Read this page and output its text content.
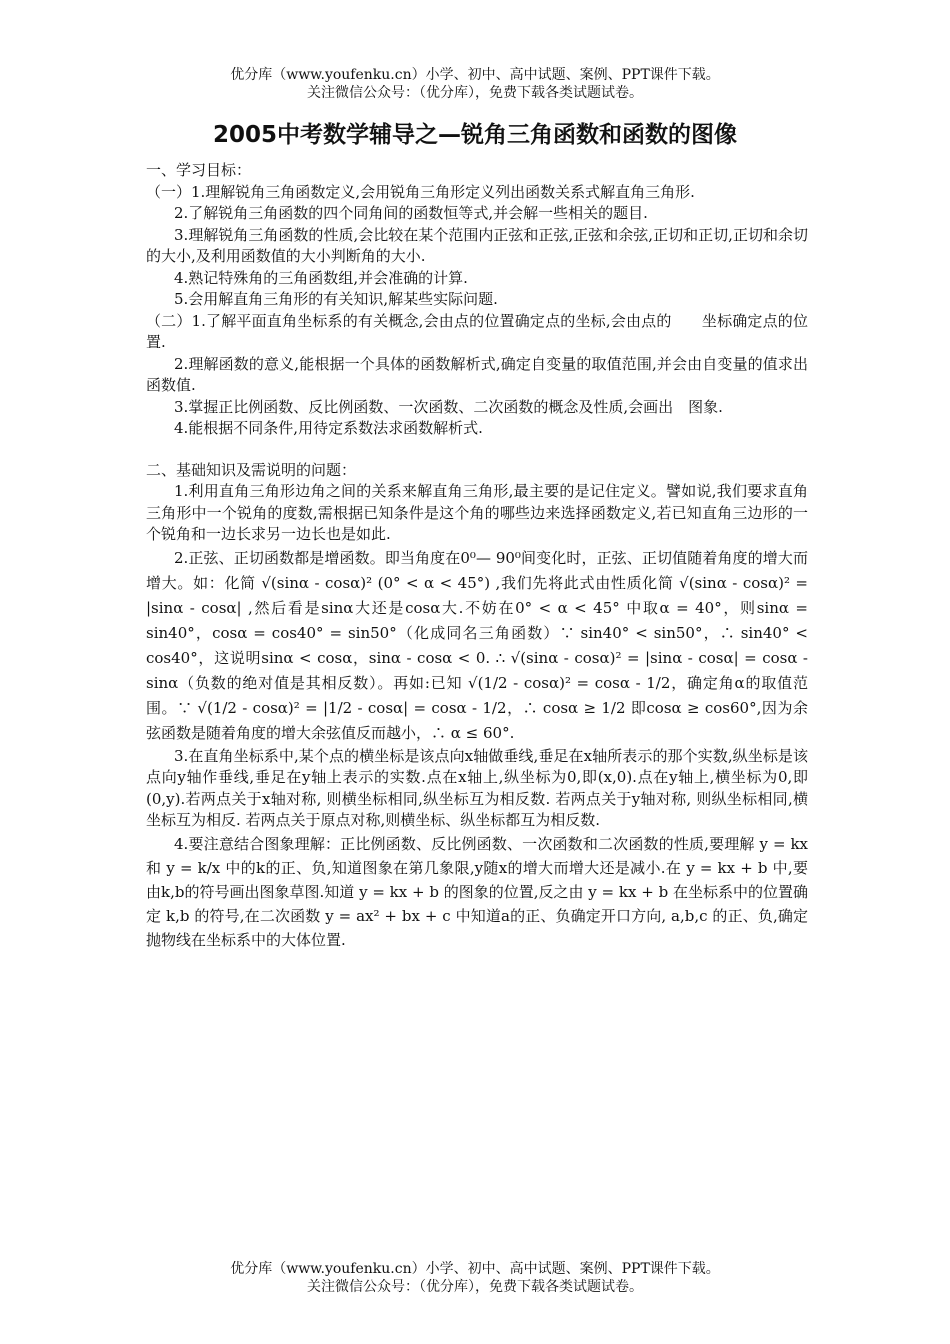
优分库（www.youfenku.cn）小学、初中、高中试题、案例、PPT课件下载。
关注微信公众号：（优分库），免费下载各类试题试卷。
2005中考数学辅导之—锐角三角函数和函数的图像

一、学习目标：

（一）1.理解锐角三角函数定义,会用锐角三角形定义列出函数关系式解直角三角形.

2.了解锐角三角函数的四个同角间的函数恒等式,并会解一些相关的题目.

3.理解锐角三角函数的性质,会比较在某个范围内正弦和正弦,正弦和余弦,正切和正切,正切和余切的大小,及利用函数值的大小判断角的大小.

4.熟记特殊角的三角函数组,并会准确的计算.

5.会用解直角三角形的有关知识,解某些实际问题.

（二）1.了解平面直角坐标系的有关概念,会由点的位置确定点的坐标,会由点的　　坐标确定点的位置.

2.理解函数的意义,能根据一个具体的函数解析式,确定自变量的取值范围,并会由自变量的值求出函数值.

3.掌握正比例函数、反比例函数、一次函数、二次函数的概念及性质,会画出　图象.

4.能根据不同条件,用待定系数法求函数解析式.

二、基础知识及需说明的问题：

1.利用直角三角形边角之间的关系来解直角三角形,最主要的是记住定义。譬如说,我们要求直角三角形中一个锐角的度数,需根据已知条件是这个角的哪些边来选择函数定义,若已知直角三边形的一个锐角和一边长求另一边长也是如此.

2.正弦、正切函数都是增函数。即当角度在0⁰— 90⁰间变化时，正弦、正切值随着角度的增大而增大。如：化简 √(sinα - cosα)² (0° < α < 45°) ,我们先将此式由性质化简 √(sinα - cosα)² = |sinα - cosα| ,然后看是sinα大还是cosα大.不妨在0° < α < 45° 中取α = 40°，则sinα = sin40°，cosα = cos40° = sin50°（化成同名三角函数）∵ sin40° < sin50°，∴ sin40° < cos40°，这说明sinα < cosα，sinα - cosα < 0. ∴ √(sinα - cosα)² = |sinα - cosα| = cosα - sinα（负数的绝对值是其相反数）。再如:已知 √(1/2 - cosα)² = cosα - 1/2，确定角α的取值范围。∵ √(1/2 - cosα)² = |1/2 - cosα| = cosα - 1/2，∴ cosα ≥ 1/2 即cosα ≥ cos60°,因为余弦函数是随着角度的增大余弦值反而越小，∴ α ≤ 60°.

3.在直角坐标系中,某个点的横坐标是该点向x轴做垂线,垂足在x轴所表示的那个实数,纵坐标是该点向y轴作垂线,垂足在y轴上表示的实数.点在x轴上,纵坐标为0,即(x,0).点在y轴上,横坐标为0,即(0,y).若两点关于x轴对称, 则横坐标相同,纵坐标互为相反数. 若两点关于y轴对称, 则纵坐标相同,横坐标互为相反. 若两点关于原点对称,则横坐标、纵坐标都互为相反数.

4.要注意结合图象理解：正比例函数、反比例函数、一次函数和二次函数的性质,要理解 y = kx 和 y = k/x 中的k的正、负,知道图象在第几象限,y随x的增大而增大还是减小.在 y = kx + b 中,要由k,b的符号画出图象草图.知道 y = kx + b 的图象的位置,反之由 y = kx + b 在坐标系中的位置确定 k,b 的符号,在二次函数 y = ax² + bx + c 中知道a的正、负确定开口方向, a,b,c 的正、负,确定抛物线在坐标系中的大体位置.

优分库（www.youfenku.cn）小学、初中、高中试题、案例、PPT课件下载。
关注微信公众号：（优分库），免费下载各类试题试卷。
